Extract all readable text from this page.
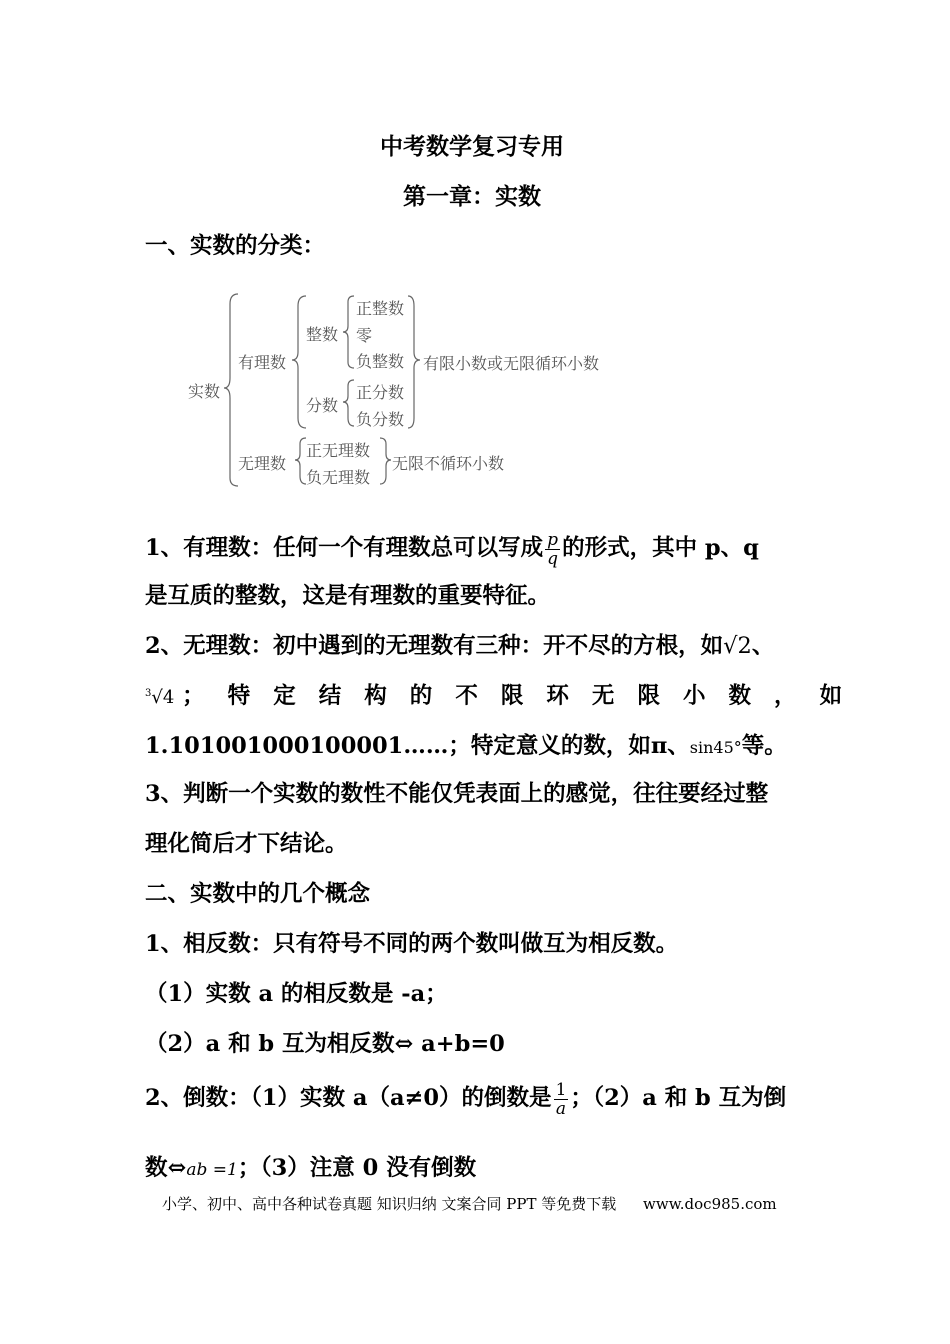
中考数学复习专用
第一章：实数
一、实数的分类：
实数
有理数
整数
正整数
零
负整数
分数
正分数
负分数
有限小数或无限循环小数
无理数
正无理数
负无理数
无限不循环小数
1、有理数：任何一个有理数总可以写成 $\frac{p}{q}$ 的形式，其中 p、q
是互质的整数，这是有理数的重要特征。
2、无理数：初中遇到的无理数有三种：开不尽的方根，如√2、
$^3$√4 ； 特 定 结 构 的 不 限 环 无 限 小 数 ， 如
1.101001000100001……；特定意义的数，如π、sin45°等。
3、判断一个实数的数性不能仅凭表面上的感觉，往往要经过整
理化简后才下结论。
二、实数中的几个概念
1、相反数：只有符号不同的两个数叫做互为相反数。
（1）实数 a 的相反数是 -a；
（2）a 和 b 互为相反数⇔ a+b=0
2、倒数：（1）实数 a（a≠0）的倒数是 $\frac{1}{a}$ ；（2）a 和 b 互为倒
数⇔ab =1；（3）注意 0 没有倒数
小学、初中、高中各种试卷真题 知识归纳 文案合同 PPT 等免费下载 www.doc985.com
